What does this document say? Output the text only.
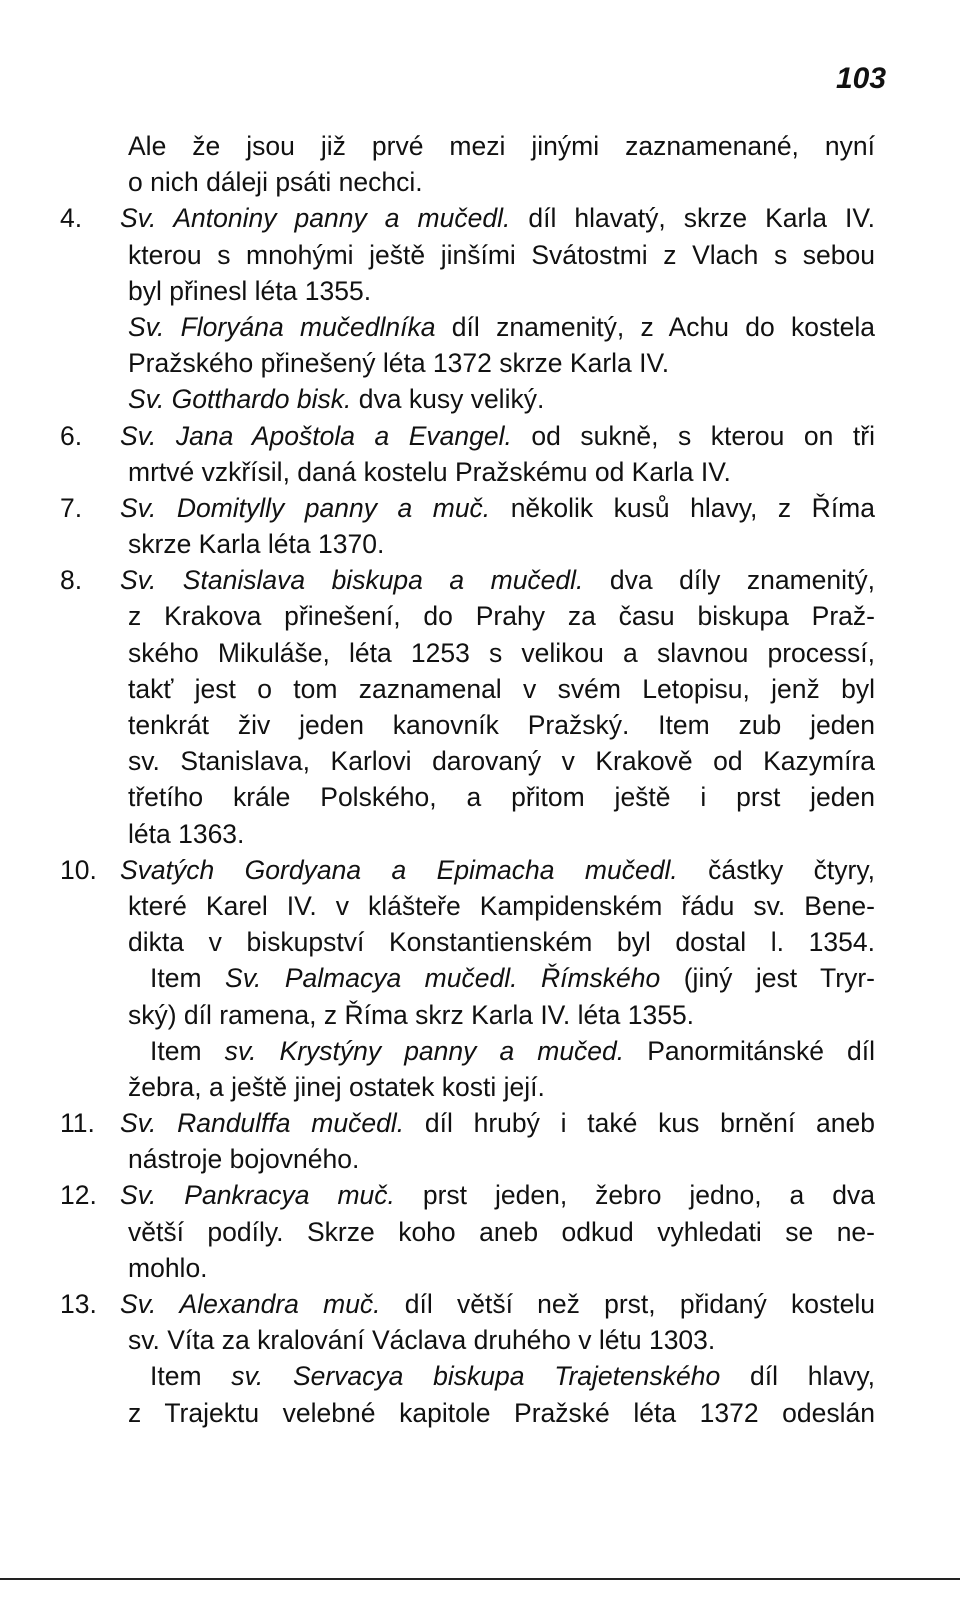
103
Ale že jsou již prvé mezi jinými zaznamenané, nyní
o nich dáleji psáti nechci.
4. Sv. Antoniny panny a mučedl. díl hlavatý, skrze Karla IV.
kterou s mnohými ještě jinšími Svátostmi z Vlach s sebou
byl přinesl léta 1355.
Sv. Floryána mučedlníka díl znamenitý, z Achu do kostela
Pražského přinešený léta 1372 skrze Karla IV.
Sv. Gotthardo bisk. dva kusy veliký.
6. Sv. Jana Apoštola a Evangel. od sukně, s kterou on tři
mrtvé vzkřísil, daná kostelu Pražskému od Karla IV.
7. Sv. Domitylly panny a muč. několik kusů hlavy, z Říma
skrze Karla léta 1370.
8. Sv. Stanislava biskupa a mučedl. dva díly znamenitý,
z Krakova přinešení, do Prahy za času biskupa Praž-
ského Mikuláše, léta 1253 s velikou a slavnou processí,
takť jest o tom zaznamenal v svém Letopisu, jenž byl
tenkrát živ jeden kanovník Pražský. Item zub jeden
sv. Stanislava, Karlovi darovaný v Krakově od Kazymíra
třetího krále Polského, a přitom ještě i prst jeden
léta 1363.
10. Svatých Gordyana a Epimacha mučedl. částky čtyry,
které Karel IV. v klášteře Kampidenském řádu sv. Bene-
dikta v biskupství Konstantienském byl dostal l. 1354.
Item Sv. Palmacya mučedl. Římského (jiný jest Tryr-
ský) díl ramena, z Říma skrz Karla IV. léta 1355.
Item sv. Krystýny panny a mučed. Panormitánské díl
žebra, a ještě jinej ostatek kosti její.
11. Sv. Randulffa mučedl. díl hrubý i také kus brnění aneb
nástroje bojovného.
12. Sv. Pankracya muč. prst jeden, žebro jedno, a dva
větší podíly. Skrze koho aneb odkud vyhledati se ne-
mohlo.
13. Sv. Alexandra muč. díl větší než prst, přidaný kostelu
sv. Víta za kralování Václava druhého v létu 1303.
Item sv. Servacya biskupa Trajetenského díl hlavy,
z Trajektu velebné kapitole Pražské léta 1372 odeslán
